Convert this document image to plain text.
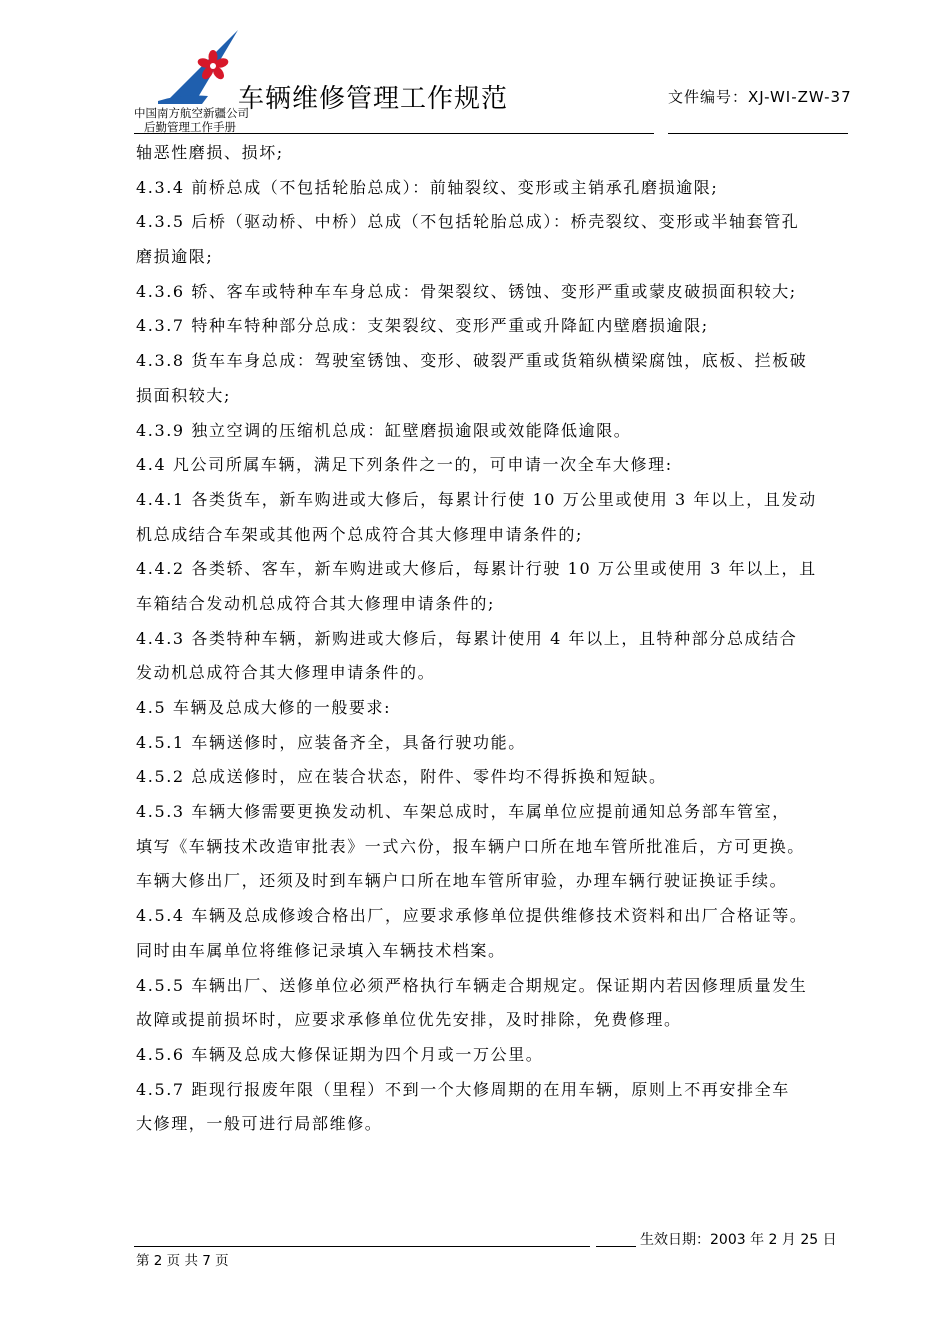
中国南方航空新疆公司
后勤管理工作手册
车辆维修管理工作规范	文件编号：XJ-WI-ZW-37

轴恶性磨损、损坏;

4.3.4 前桥总成（不包括轮胎总成）：前轴裂纹、变形或主销承孔磨损逾限;

4.3.5 后桥（驱动桥、中桥）总成（不包括轮胎总成）：桥壳裂纹、变形或半轴套管孔

磨损逾限;

4.3.6 轿、客车或特种车车身总成：骨架裂纹、锈蚀、变形严重或蒙皮破损面积较大;

4.3.7 特种车特种部分总成：支架裂纹、变形严重或升降缸内壁磨损逾限;

4.3.8 货车车身总成：驾驶室锈蚀、变形、破裂严重或货箱纵横梁腐蚀，底板、拦板破

损面积较大;

4.3.9 独立空调的压缩机总成：缸壁磨损逾限或效能降低逾限。

4.4 凡公司所属车辆，满足下列条件之一的，可申请一次全车大修理:

4.4.1 各类货车，新车购进或大修后，每累计行使 10 万公里或使用 3 年以上，且发动

机总成结合车架或其他两个总成符合其大修理申请条件的;

4.4.2 各类轿、客车，新车购进或大修后，每累计行驶 10 万公里或使用 3 年以上，且

车箱结合发动机总成符合其大修理申请条件的;

4.4.3 各类特种车辆，新购进或大修后，每累计使用 4 年以上，且特种部分总成结合

发动机总成符合其大修理申请条件的。

4.5 车辆及总成大修的一般要求:

4.5.1 车辆送修时，应装备齐全，具备行驶功能。

4.5.2 总成送修时，应在装合状态，附件、零件均不得拆换和短缺。

4.5.3 车辆大修需要更换发动机、车架总成时，车属单位应提前通知总务部车管室，

填写《车辆技术改造审批表》一式六份，报车辆户口所在地车管所批准后，方可更换。

车辆大修出厂，还须及时到车辆户口所在地车管所审验，办理车辆行驶证换证手续。

4.5.4 车辆及总成修竣合格出厂，应要求承修单位提供维修技术资料和出厂合格证等。

同时由车属单位将维修记录填入车辆技术档案。

4.5.5 车辆出厂、送修单位必须严格执行车辆走合期规定。保证期内若因修理质量发生

故障或提前损坏时，应要求承修单位优先安排，及时排除，免费修理。

4.5.6 车辆及总成大修保证期为四个月或一万公里。

4.5.7 距现行报废年限（里程）不到一个大修周期的在用车辆，原则上不再安排全车

大修理，一般可进行局部维修。

生效日期：2003 年 2 月 25 日
第 2 页 共 7 页
